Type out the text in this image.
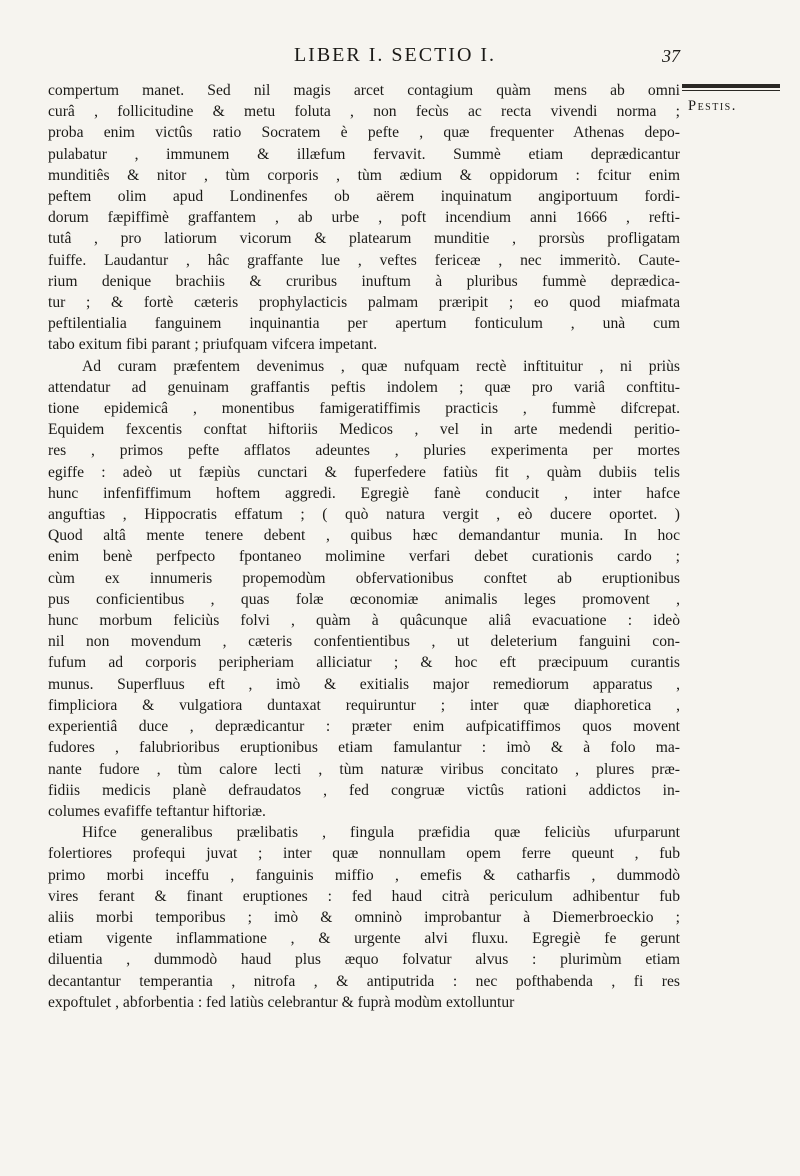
LIBER I. SECTIO I.	37
Pestis.

compertum manet. Sed nil magis arcet contagium quàm mens ab omni
curâ , follicitudine & metu foluta , non fecùs ac recta vivendi norma ;
proba enim victûs ratio Socratem è pefte , quæ frequenter Athenas depo-
pulabatur , immunem & illæfum fervavit. Summè etiam deprædicantur
munditiês & nitor , tùm corporis , tùm ædium & oppidorum : fcitur enim
peftem olim apud Londinenfes ob aërem inquinatum angiportuum fordi-
dorum fæpiffimè graffantem , ab urbe , poft incendium anni 1666 , refti-
tutâ , pro latiorum vicorum & platearum munditie , prorsùs profligatam
fuiffe. Laudantur , hâc graffante lue , veftes fericeæ , nec immeritò. Caute-
rium denique brachiis & cruribus inuftum à pluribus fummè deprædica-
tur ; & fortè cæteris prophylacticis palmam præripit ; eo quod miafmata
peftilentialia fanguinem inquinantia per apertum fonticulum , unà cum
tabo exitum fibi parant ; priufquam vifcera impetant.

Ad curam præfentem devenimus , quæ nufquam rectè inftituitur , ni priùs
attendatur ad genuinam graffantis peftis indolem ; quæ pro variâ conftitu-
tione epidemicâ , monentibus famigeratiffimis practicis , fummè difcrepat.
Equidem fexcentis conftat hiftoriis Medicos , vel in arte medendi peritio-
res , primos pefte afflatos adeuntes , pluries experimenta per mortes
egiffe : adeò ut fæpiùs cunctari & fuperfedere fatiùs fit , quàm dubiis telis
hunc infenfiffimum hoftem aggredi. Egregiè fanè conducit , inter hafce
anguftias , Hippocratis effatum ; ( quò natura vergit , eò ducere oportet. )
Quod altâ mente tenere debent , quibus hæc demandantur munia. In hoc
enim benè perfpecto fpontaneo molimine verfari debet curationis cardo ;
cùm ex innumeris propemodùm obfervationibus conftet ab eruptionibus
pus conficientibus , quas folæ œconomiæ animalis leges promovent ,
hunc morbum feliciùs folvi , quàm à quâcunque aliâ evacuatione : ideò
nil non movendum , cæteris confentientibus , ut deleterium fanguini con-
fufum ad corporis peripheriam alliciatur ; & hoc eft præcipuum curantis
munus. Superfluus eft , imò & exitialis major remediorum apparatus ,
fimpliciora & vulgatiora duntaxat requiruntur ; inter quæ diaphoretica ,
experientiâ duce , deprædicantur : præter enim aufpicatiffimos quos movent
fudores , falubrioribus eruptionibus etiam famulantur : imò & à folo ma-
nante fudore , tùm calore lecti , tùm naturæ viribus concitato , plures præ-
fidiis medicis planè defraudatos , fed congruæ victûs rationi addictos in-
columes evafiffe teftantur hiftoriæ.

Hifce generalibus prælibatis , fingula præfidia quæ feliciùs ufurparunt
folertiores profequi juvat ; inter quæ nonnullam opem ferre queunt , fub
primo morbi inceffu , fanguinis miffio , emefis & catharfis , dummodò
vires ferant & finant eruptiones : fed haud citrà periculum adhibentur fub
aliis morbi temporibus ; imò & omninò improbantur à Diemerbroeckio ;
etiam vigente inflammatione , & urgente alvi fluxu. Egregiè fe gerunt
diluentia , dummodò haud plus æquo folvatur alvus : plurimùm etiam
decantantur temperantia , nitrofa , & antiputrida : nec pofthabenda , fi res
expoftulet , abforbentia : fed latiùs celebrantur & fuprà modùm extolluntur
